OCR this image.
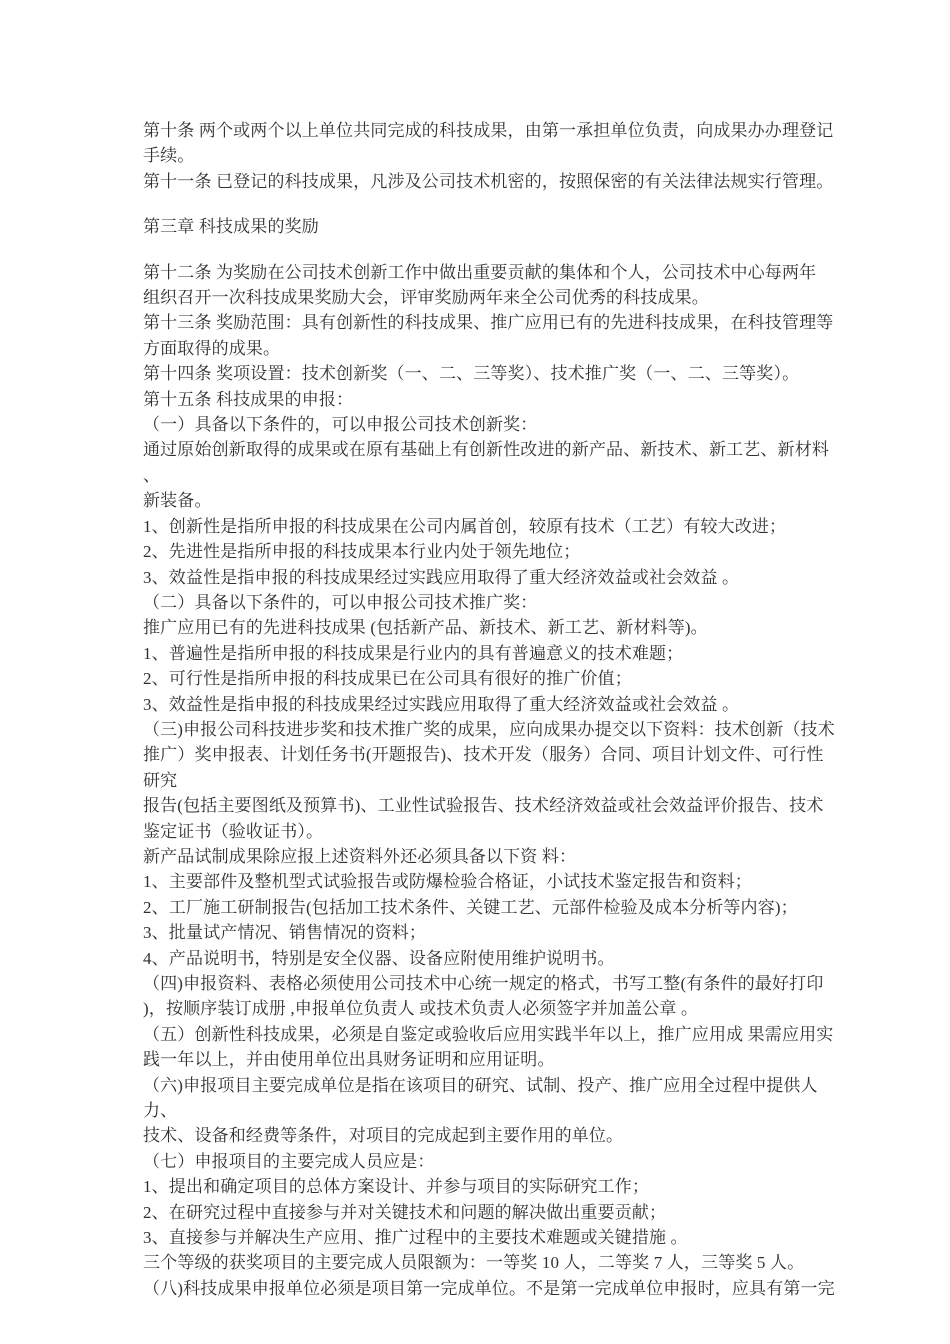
第十条 两个或两个以上单位共同完成的科技成果，由第一承担单位负责，向成果办办理登记
手续。
第十一条 已登记的科技成果，凡涉及公司技术机密的，按照保密的有关法律法规实行管理。
第三章 科技成果的奖励
第十二条 为奖励在公司技术创新工作中做出重要贡献的集体和个人，公司技术中心每两年
组织召开一次科技成果奖励大会，评审奖励两年来全公司优秀的科技成果。
第十三条 奖励范围：具有创新性的科技成果、推广应用已有的先进科技成果，在科技管理等
方面取得的成果。
第十四条 奖项设置：技术创新奖（一、二、三等奖）、技术推广奖（一、二、三等奖）。
第十五条 科技成果的申报：
（一）具备以下条件的，可以申报公司技术创新奖：
通过原始创新取得的成果或在原有基础上有创新性改进的新产品、新技术、新工艺、新材料 、
新装备。
1、创新性是指所申报的科技成果在公司内属首创，较原有技术（工艺）有较大改进；
2、先进性是指所申报的科技成果本行业内处于领先地位；
3、效益性是指申报的科技成果经过实践应用取得了重大经济效益或社会效益 。
（二）具备以下条件的，可以申报公司技术推广奖：
推广应用已有的先进科技成果 (包括新产品、新技术、新工艺、新材料等)。
1、普遍性是指所申报的科技成果是行业内的具有普遍意义的技术难题；
2、可行性是指所申报的科技成果已在公司具有很好的推广价值；
3、效益性是指申报的科技成果经过实践应用取得了重大经济效益或社会效益 。
（三)申报公司科技进步奖和技术推广奖的成果，应向成果办提交以下资料：技术创新（技术
推广）奖申报表、计划任务书(开题报告)、技术开发（服务）合同、项目计划文件、可行性研究
报告(包括主要图纸及预算书)、工业性试验报告、技术经济效益或社会效益评价报告、技术
鉴定证书（验收证书）。
新产品试制成果除应报上述资料外还必须具备以下资 料：
1、主要部件及整机型式试验报告或防爆检验合格证，小试技术鉴定报告和资料；
2、工厂施工研制报告(包括加工技术条件、关键工艺、元部件检验及成本分析等内容)；
3、批量试产情况、销售情况的资料；
4、产品说明书，特别是安全仪器、设备应附使用维护说明书。
（四)申报资料、表格必须使用公司技术中心统一规定的格式，书写工整(有条件的最好打印
)，按顺序装订成册 ,申报单位负责人 或技术负责人必须签字并加盖公章 。
（五）创新性科技成果，必须是自鉴定或验收后应用实践半年以上，推广应用成 果需应用实
践一年以上，并由使用单位出具财务证明和应用证明。
（六)申报项目主要完成单位是指在该项目的研究、试制、投产、推广应用全过程中提供人力、
技术、设备和经费等条件，对项目的完成起到主要作用的单位。
（七）申报项目的主要完成人员应是：
1、提出和确定项目的总体方案设计、并参与项目的实际研究工作；
2、在研究过程中直接参与并对关键技术和问题的解决做出重要贡献；
3、直接参与并解决生产应用、推广过程中的主要技术难题或关键措施 。
三个等级的获奖项目的主要完成人员限额为：一等奖 10 人，二等奖 7 人，三等奖 5 人。
（八)科技成果申报单位必须是项目第一完成单位。不是第一完成单位申报时，应具有第一完
